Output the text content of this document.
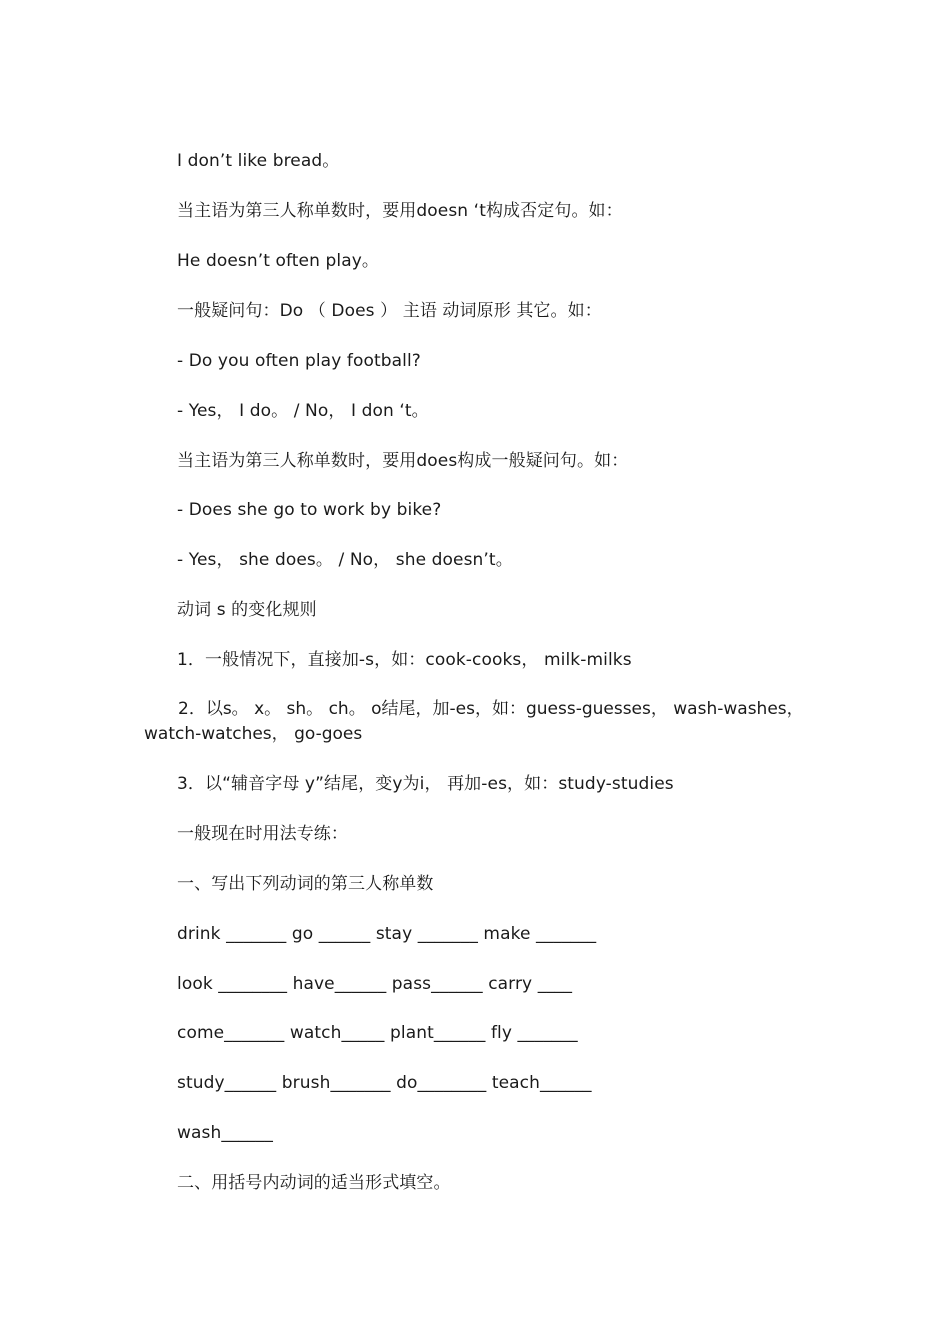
I don’t like bread。
当主语为第三人称单数时，要用doesn ‘t构成否定句。如：
He doesn’t often play。
一般疑问句：Do （ Does ） 主语 动词原形 其它。如：
- Do you often play football?
- Yes， I do。 / No， I don ‘t。
当主语为第三人称单数时，要用does构成一般疑问句。如：
- Does she go to work by bike?
- Yes， she does。 / No， she doesn’t。
动词 s 的变化规则
1．一般情况下，直接加-s，如：cook-cooks， milk-milks
2．以s。 x。 sh。 ch。 o结尾，加-es，如：guess-guesses， wash-washes，watch-watches， go-goes
3．以“辅音字母 y”结尾，变y为i， 再加-es，如：study-studies
一般现在时用法专练：
一、写出下列动词的第三人称单数
drink _______ go ______ stay _______ make _______
look ________ have______ pass______ carry ____
come_______ watch_____ plant______ fly _______
study______ brush_______ do________ teach______
wash______
二、用括号内动词的适当形式填空。
